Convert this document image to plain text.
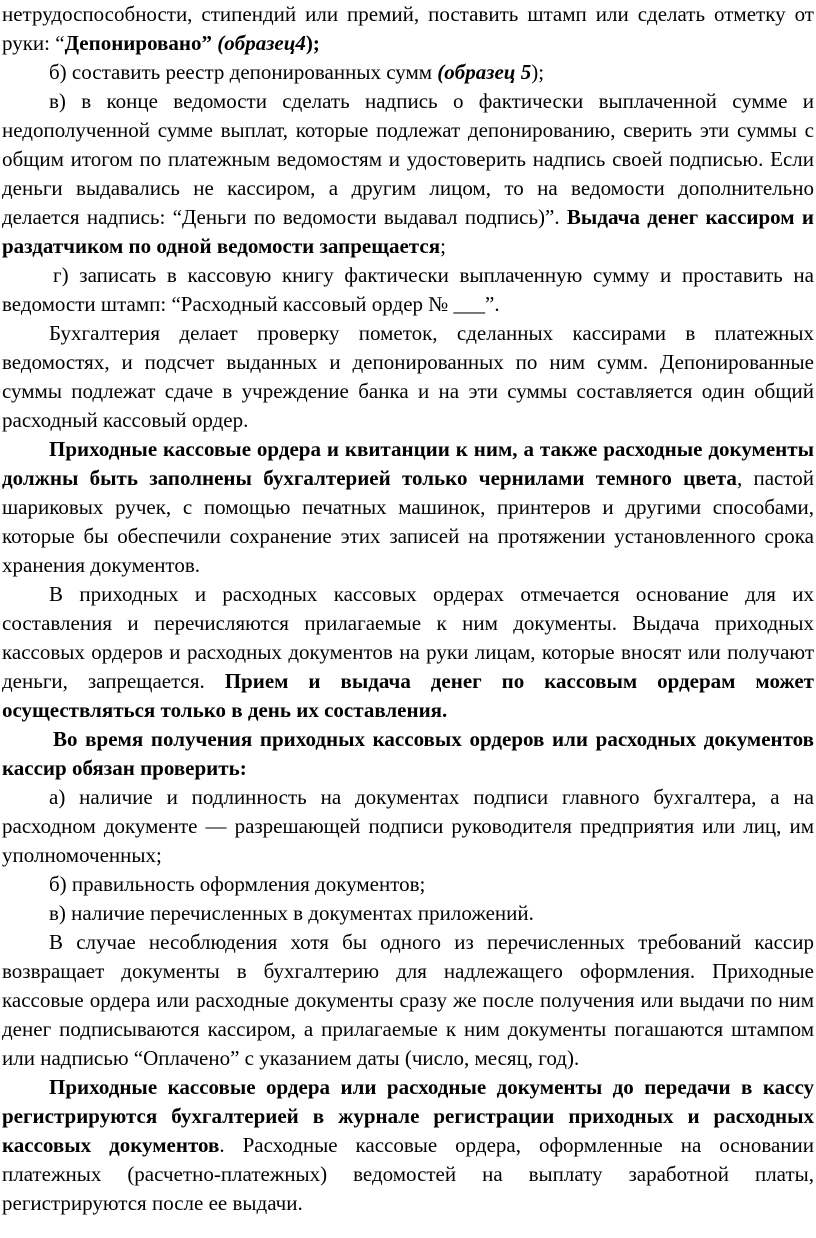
нетрудоспособности, стипендий или премий, поставить штамп или сделать отметку от руки: “Депонировано” (образец4);

б) составить реестр депонированных сумм (образец 5);

в) в конце ведомости сделать надпись о фактически выплаченной сумме и недополученной сумме выплат, которые подлежат депонированию, сверить эти суммы с общим итогом по платежным ведомостям и удостоверить надпись своей подписью. Если деньги выдавались не кассиром, а другим лицом, то на ведомости дополнительно делается надпись: “Деньги по ведомости выдавал подпись)”. Выдача денег кассиром и раздатчиком по одной ведомости запрещается;

г) записать в кассовую книгу фактически выплаченную сумму и проставить на ведомости штамп: “Расходный кассовый ордер № ___”.

Бухгалтерия делает проверку пометок, сделанных кассирами в платежных ведомостях, и подсчет выданных и депонированных по ним сумм. Депонированные суммы подлежат сдаче в учреждение банка и на эти суммы составляется один общий расходный кассовый ордер.

Приходные кассовые ордера и квитанции к ним, а также расходные документы должны быть заполнены бухгалтерией только чернилами темного цвета, пастой шариковых ручек, с помощью печатных машинок, принтеров и другими способами, которые бы обеспечили сохранение этих записей на протяжении установленного срока хранения документов.

В приходных и расходных кассовых ордерах отмечается основание для их составления и перечисляются прилагаемые к ним документы. Выдача приходных кассовых ордеров и расходных документов на руки лицам, которые вносят или получают деньги, запрещается. Прием и выдача денег по кассовым ордерам может осуществляться только в день их составления.

Во время получения приходных кассовых ордеров или расходных документов кассир обязан проверить:

а) наличие и подлинность на документах подписи главного бухгалтера, а на расходном документе — разрешающей подписи руководителя предприятия или лиц, им уполномоченных;

б) правильность оформления документов;

в) наличие перечисленных в документах приложений.

В случае несоблюдения хотя бы одного из перечисленных требований кассир возвращает документы в бухгалтерию для надлежащего оформления. Приходные кассовые ордера или расходные документы сразу же после получения или выдачи по ним денег подписываются кассиром, а прилагаемые к ним документы погашаются штампом или надписью “Оплачено” с указанием даты (число, месяц, год).

Приходные кассовые ордера или расходные документы до передачи в кассу регистрируются бухгалтерией в журнале регистрации приходных и расходных кассовых документов. Расходные кассовые ордера, оформленные на основании платежных (расчетно-платежных) ведомостей на выплату заработной платы, регистрируются после ее выдачи.
